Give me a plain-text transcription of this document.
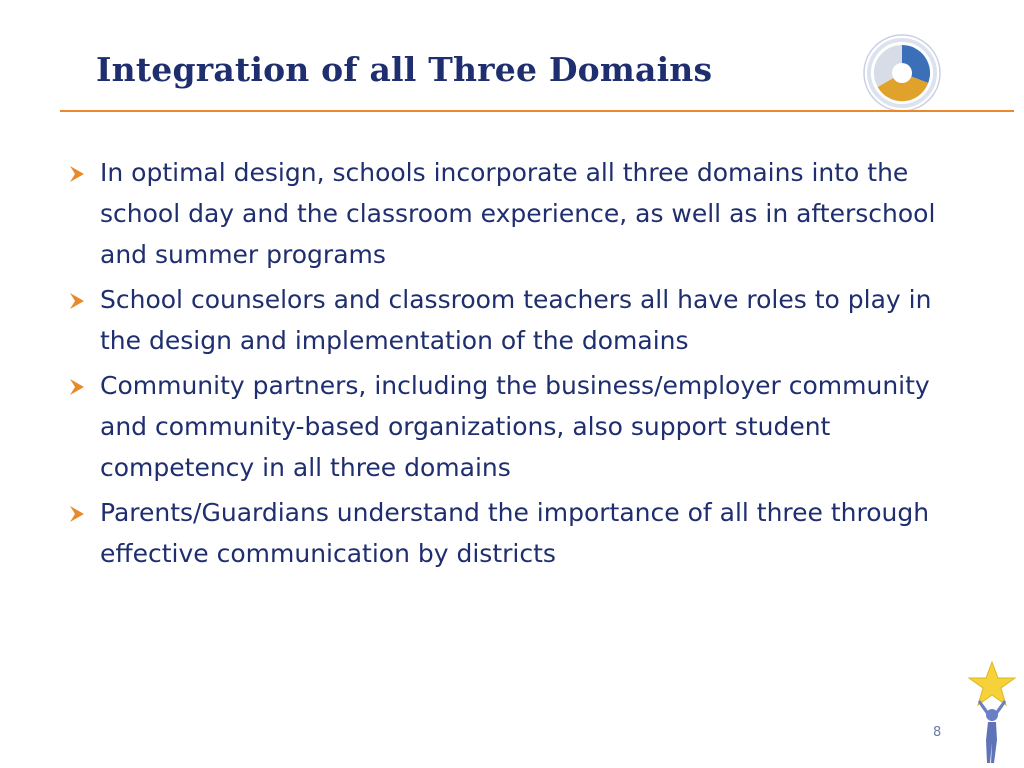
Integration of all Three Domains
In optimal design, schools incorporate all three domains into the school day and the classroom experience, as well as in afterschool and summer programs
School counselors and classroom teachers all have roles to play in the design and implementation of the domains
Community partners, including the business/employer community and community-based organizations, also support student competency in all three domains
Parents/Guardians understand the importance of all three through effective communication by districts
8
